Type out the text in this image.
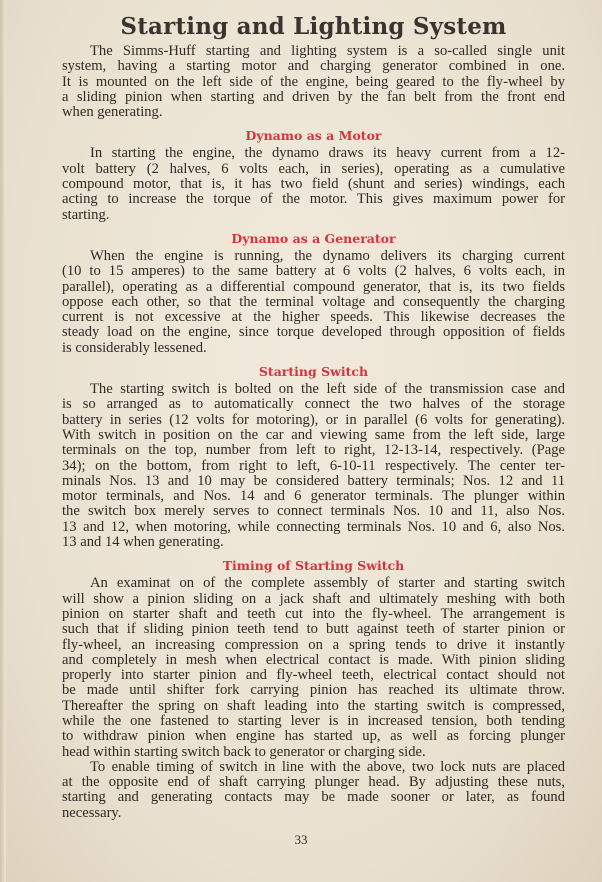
Starting and Lighting System
The Simms-Huff starting and lighting system is a so-called single unit
system, having a starting motor and charging generator combined in one.
It is mounted on the left side of the engine, being geared to the fly-wheel by
a sliding pinion when starting and driven by the fan belt from the front end
when generating.
Dynamo as a Motor
In starting the engine, the dynamo draws its heavy current from a 12-
volt battery (2 halves, 6 volts each, in series), operating as a cumulative
compound motor, that is, it has two field (shunt and series) windings, each
acting to increase the torque of the motor. This gives maximum power for
starting.
Dynamo as a Generator
When the engine is running, the dynamo delivers its charging current
(10 to 15 amperes) to the same battery at 6 volts (2 halves, 6 volts each, in
parallel), operating as a differential compound generator, that is, its two fields
oppose each other, so that the terminal voltage and consequently the charging
current is not excessive at the higher speeds. This likewise decreases the
steady load on the engine, since torque developed through opposition of fields
is considerably lessened.
Starting Switch
The starting switch is bolted on the left side of the transmission case and
is so arranged as to automatically connect the two halves of the storage
battery in series (12 volts for motoring), or in parallel (6 volts for generating).
With switch in position on the car and viewing same from the left side, large
terminals on the top, number from left to right, 12-13-14, respectively. (Page
34); on the bottom, from right to left, 6-10-11 respectively. The center ter-
minals Nos. 13 and 10 may be considered battery terminals; Nos. 12 and 11
motor terminals, and Nos. 14 and 6 generator terminals. The plunger within
the switch box merely serves to connect terminals Nos. 10 and 11, also Nos.
13 and 12, when motoring, while connecting terminals Nos. 10 and 6, also Nos.
13 and 14 when generating.
Timing of Starting Switch
An examinat on of the complete assembly of starter and starting switch
will show a pinion sliding on a jack shaft and ultimately meshing with both
pinion on starter shaft and teeth cut into the fly-wheel. The arrangement is
such that if sliding pinion teeth tend to butt against teeth of starter pinion or
fly-wheel, an increasing compression on a spring tends to drive it instantly
and completely in mesh when electrical contact is made. With pinion sliding
properly into starter pinion and fly-wheel teeth, electrical contact should not
be made until shifter fork carrying pinion has reached its ultimate throw.
Thereafter the spring on shaft leading into the starting switch is compressed,
while the one fastened to starting lever is in increased tension, both tending
to withdraw pinion when engine has started up, as well as forcing plunger
head within starting switch back to generator or charging side.
To enable timing of switch in line with the above, two lock nuts are placed
at the opposite end of shaft carrying plunger head. By adjusting these nuts,
starting and generating contacts may be made sooner or later, as found
necessary.
33
